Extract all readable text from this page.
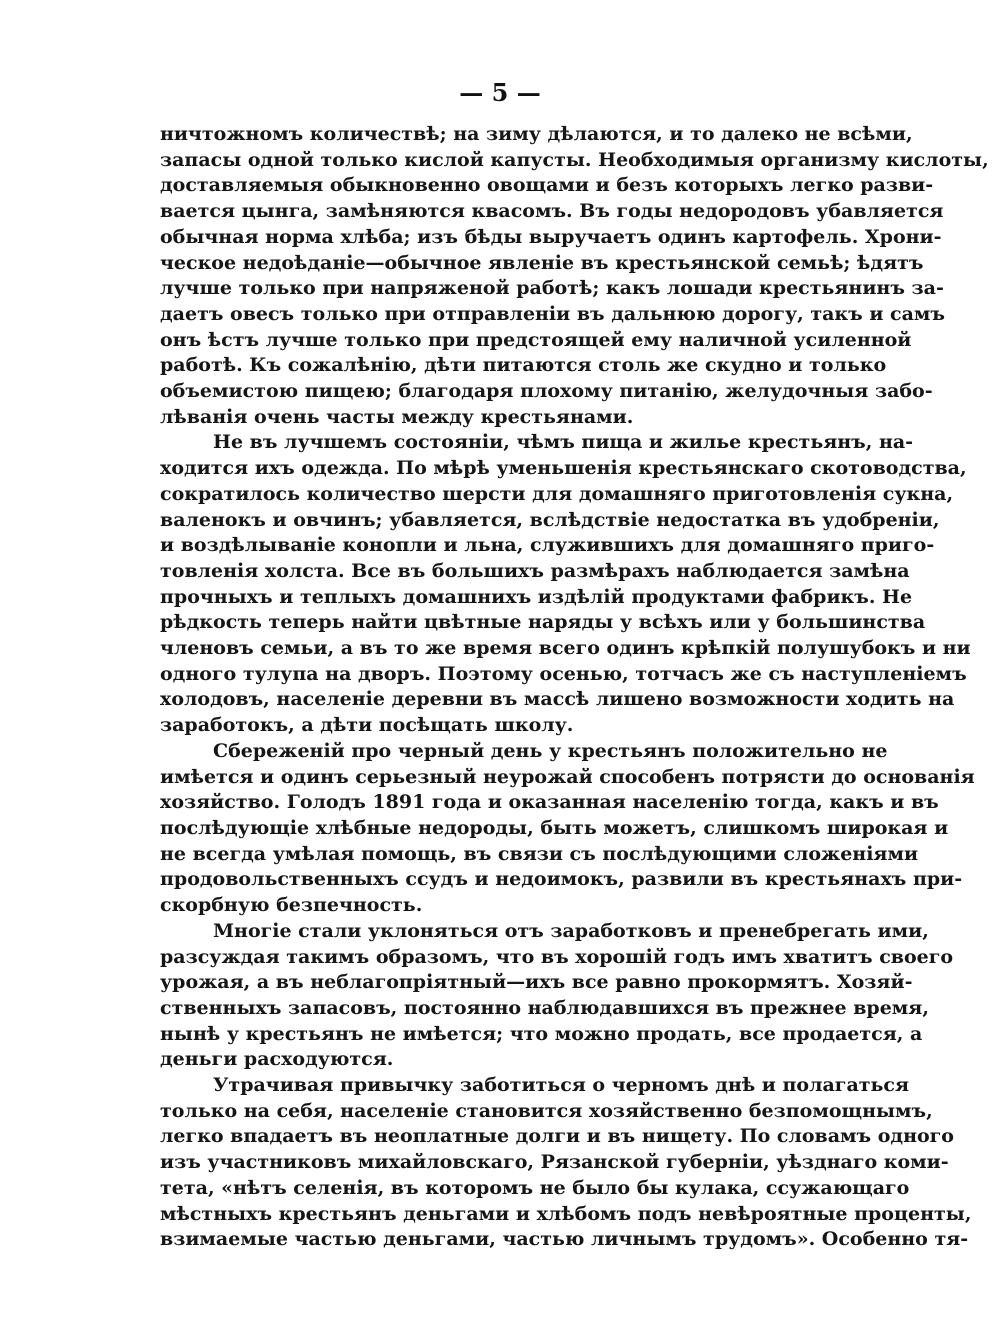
— 5 —
ничтожномъ количествѣ; на зиму дѣлаются, и то далеко не всѣми,
запасы одной только кислой капусты. Необходимыя организму кислоты,
доставляемыя обыкновенно овощами и безъ которыхъ легко разви-
вается цынга, замѣняются квасомъ. Въ годы недородовъ убавляется
обычная норма хлѣба; изъ бѣды выручаетъ одинъ картофель. Хрони-
ческое недоѣданіе—обычное явленіе въ крестьянской семьѣ; ѣдятъ
лучше только при напряженой работѣ; какъ лошади крестьянинъ за-
даетъ овесъ только при отправленіи въ дальнюю дорогу, такъ и самъ
онъ ѣстъ лучше только при предстоящей ему наличной усиленной
работѣ. Къ сожалѣнію, дѣти питаются столь же скудно и только
объемистою пищею; благодаря плохому питанію, желудочныя забо-
лѣванія очень часты между крестьянами.
Не въ лучшемъ состояніи, чѣмъ пища и жилье крестьянъ, на-
ходится ихъ одежда. По мѣрѣ уменьшенія крестьянскаго скотоводства,
сократилось количество шерсти для домашняго приготовленія сукна,
валенокъ и овчинъ; убавляется, вслѣдствіе недостатка въ удобреніи,
и воздѣлываніе конопли и льна, служившихъ для домашняго приго-
товленія холста. Все въ большихъ размѣрахъ наблюдается замѣна
прочныхъ и теплыхъ домашнихъ издѣлій продуктами фабрикъ. Не
рѣдкость теперь найти цвѣтные наряды у всѣхъ или у большинства
членовъ семьи, а въ то же время всего одинъ крѣпкій полушубокъ и ни
одного тулупа на дворъ. Поэтому осенью, тотчасъ же съ наступленіемъ
холодовъ, населеніе деревни въ массѣ лишено возможности ходить на
заработокъ, а дѣти посѣщать школу.
Сбереженій про черный день у крестьянъ положительно не
имѣется и одинъ серьезный неурожай способенъ потрясти до основанія
хозяйство. Голодъ 1891 года и оказанная населенію тогда, какъ и въ
послѣдующіе хлѣбные недороды, быть можетъ, слишкомъ широкая и
не всегда умѣлая помощь, въ связи съ послѣдующими сложеніями
продовольственныхъ ссудъ и недоимокъ, развили въ крестьянахъ при-
скорбную безпечность.
Многіе стали уклоняться отъ заработковъ и пренебрегать ими,
разсуждая такимъ образомъ, что въ хорошій годъ имъ хватитъ своего
урожая, а въ неблагопріятный—ихъ все равно прокормятъ. Хозяй-
ственныхъ запасовъ, постоянно наблюдавшихся въ прежнее время,
нынѣ у крестьянъ не имѣется; что можно продать, все продается, а
деньги расходуются.
Утрачивая привычку заботиться о черномъ днѣ и полагаться
только на себя, населеніе становится хозяйственно безпомощнымъ,
легко впадаетъ въ неоплатные долги и въ нищету. По словамъ одного
изъ участниковъ михайловскаго, Рязанской губерніи, уѣзднаго коми-
тета, «нѣтъ селенія, въ которомъ не было бы кулака, ссужающаго
мѣстныхъ крестьянъ деньгами и хлѣбомъ подъ невѣроятные проценты,
взимаемые частью деньгами, частью личнымъ трудомъ». Особенно тя-
